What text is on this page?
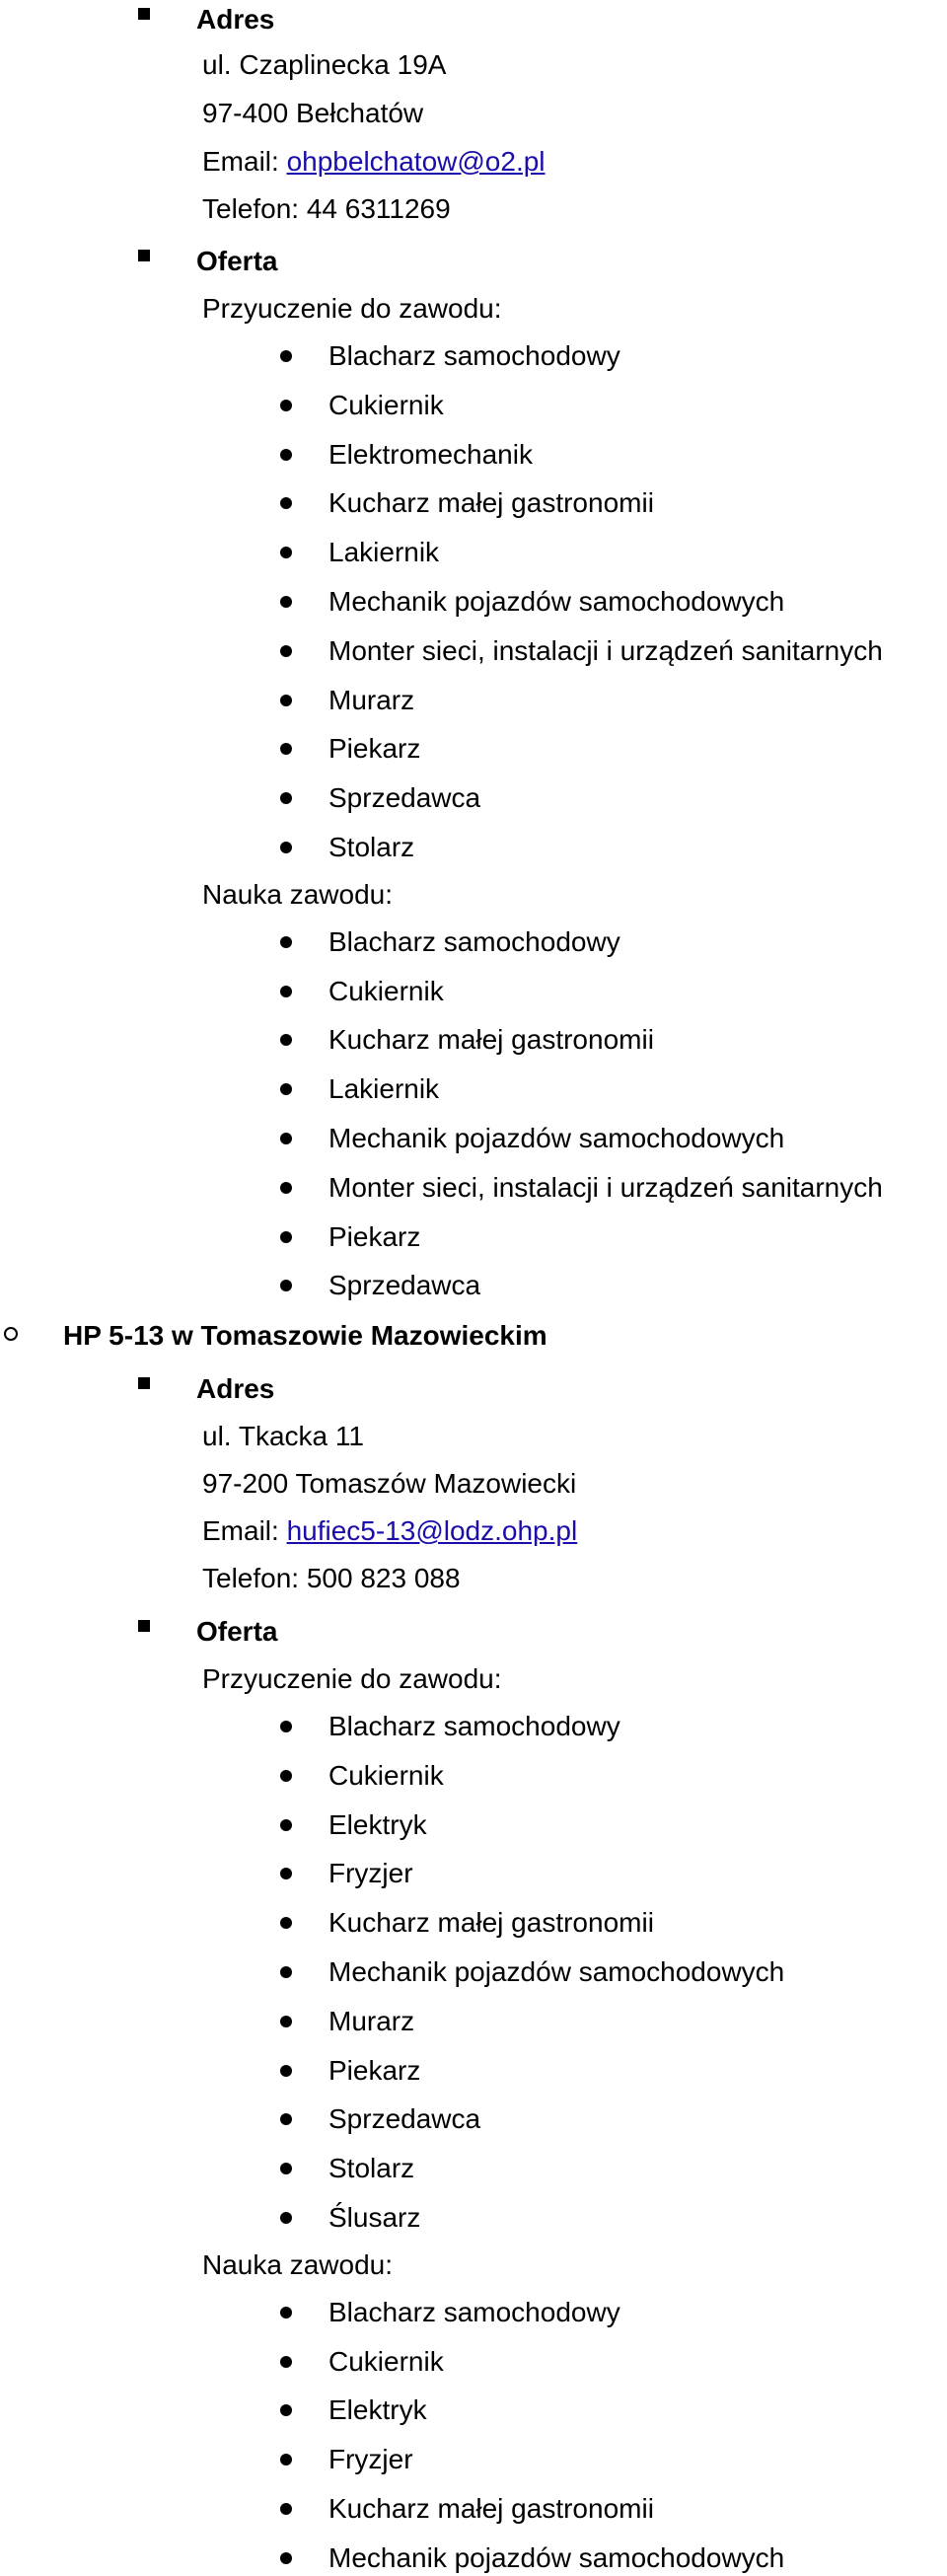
Adres
ul. Czaplinecka 19A
97-400 Bełchatów
Email: ohpbelchatow@o2.pl
Telefon: 44 6311269
Oferta
Przyuczenie do zawodu:
Blacharz samochodowy
Cukiernik
Elektromechanik
Kucharz małej gastronomii
Lakiernik
Mechanik pojazdów samochodowych
Monter sieci, instalacji i urządzeń sanitarnych
Murarz
Piekarz
Sprzedawca
Stolarz
Nauka zawodu:
Blacharz samochodowy
Cukiernik
Kucharz małej gastronomii
Lakiernik
Mechanik pojazdów samochodowych
Monter sieci, instalacji i urządzeń sanitarnych
Piekarz
Sprzedawca
HP 5-13 w Tomaszowie Mazowieckim
Adres
ul. Tkacka 11
97-200 Tomaszów Mazowiecki
Email: hufiec5-13@lodz.ohp.pl
Telefon: 500 823 088
Oferta
Przyuczenie do zawodu:
Blacharz samochodowy
Cukiernik
Elektryk
Fryzjer
Kucharz małej gastronomii
Mechanik pojazdów samochodowych
Murarz
Piekarz
Sprzedawca
Stolarz
Ślusarz
Nauka zawodu:
Blacharz samochodowy
Cukiernik
Elektryk
Fryzjer
Kucharz małej gastronomii
Mechanik pojazdów samochodowych
